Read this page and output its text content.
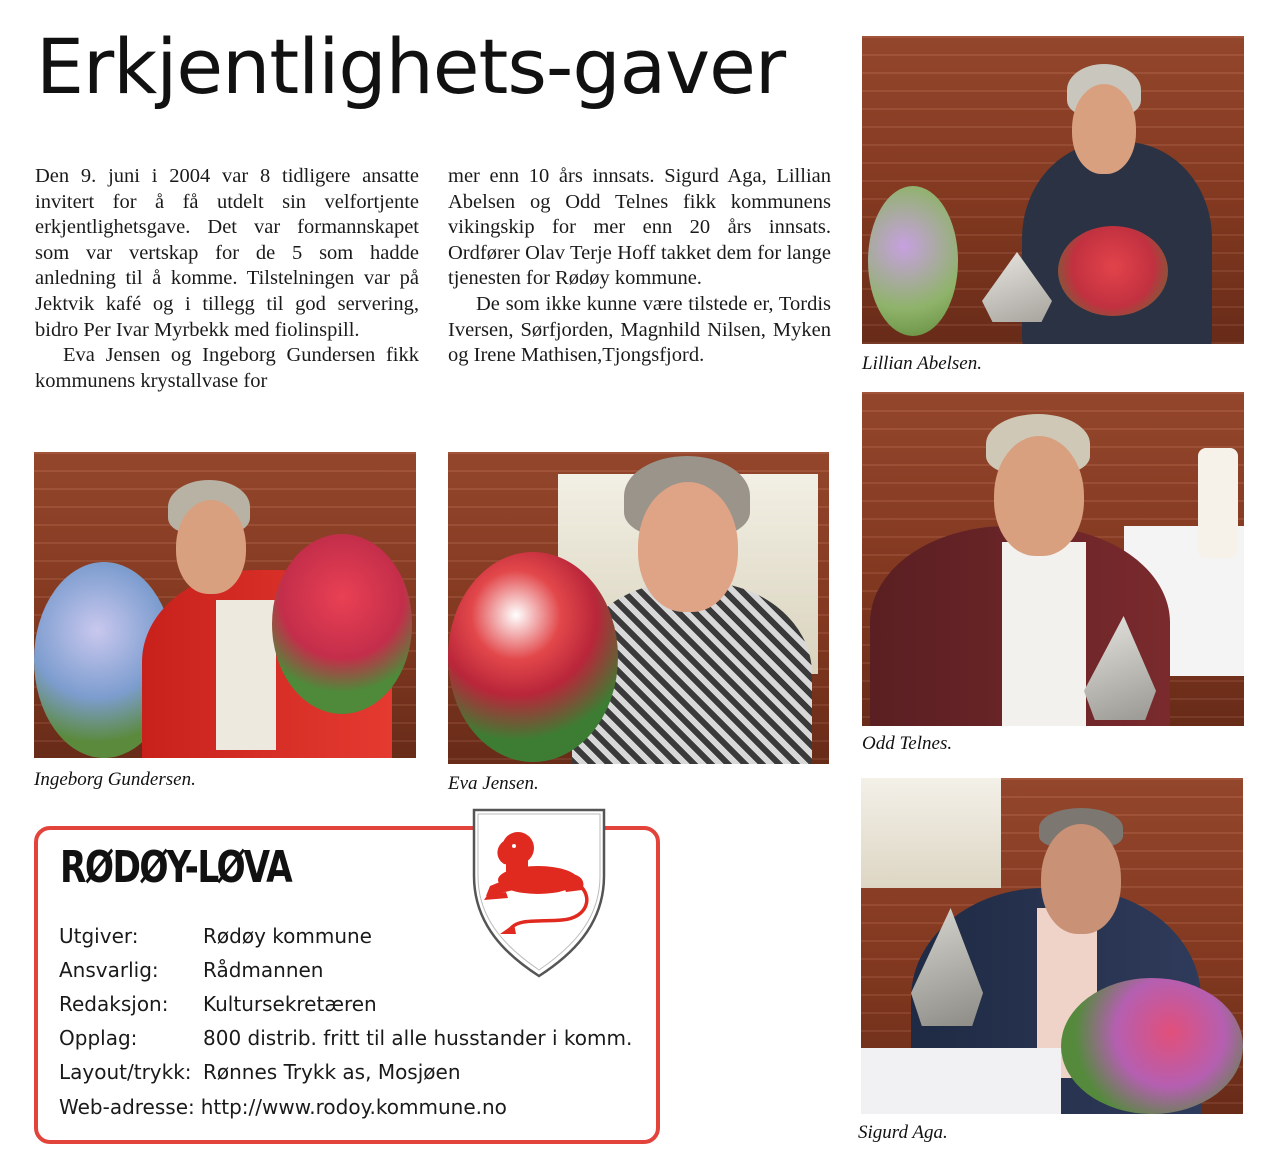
Erkjentlighets-gaver

Den 9. juni i 2004 var 8 tidligere ansatte invitert for å få utdelt sin velfortjente erkjentlighetsgave. Det var formannskapet som var vertskap for de 5 som hadde anledning til å komme. Tilstelningen var på Jektvik kafé og i tillegg til god servering, bidro Per Ivar Myrbekk med fiolinspill.

Eva Jensen og Ingeborg Gundersen fikk kommunens krystallvase for

mer enn 10 års innsats. Sigurd Aga, Lillian Abelsen og Odd Telnes fikk kommunens vikingskip for mer enn 20 års innsats. Ordfører Olav Terje Hoff takket dem for lange tjenesten for Rødøy kommune.

De som ikke kunne være tilstede er, Tordis Iversen, Sørfjorden, Magnhild Nilsen, Myken og Irene Mathisen,Tjongsfjord.	Lillian Abelsen.
Ingeborg Gundersen.	Eva Jensen.
Odd Telnes.
Sigurd Aga.
RØDØY-LØVA
Utgiver:	Rødøy kommune
Ansvarlig: Rådmannen
Redaksjon: Kultursekretæren
Opplag:	800 distrib. fritt til alle husstander i komm.
Layout/trykk: Rønnes Trykk as, Mosjøen
Web-adresse: http://www.rodoy.kommune.no
